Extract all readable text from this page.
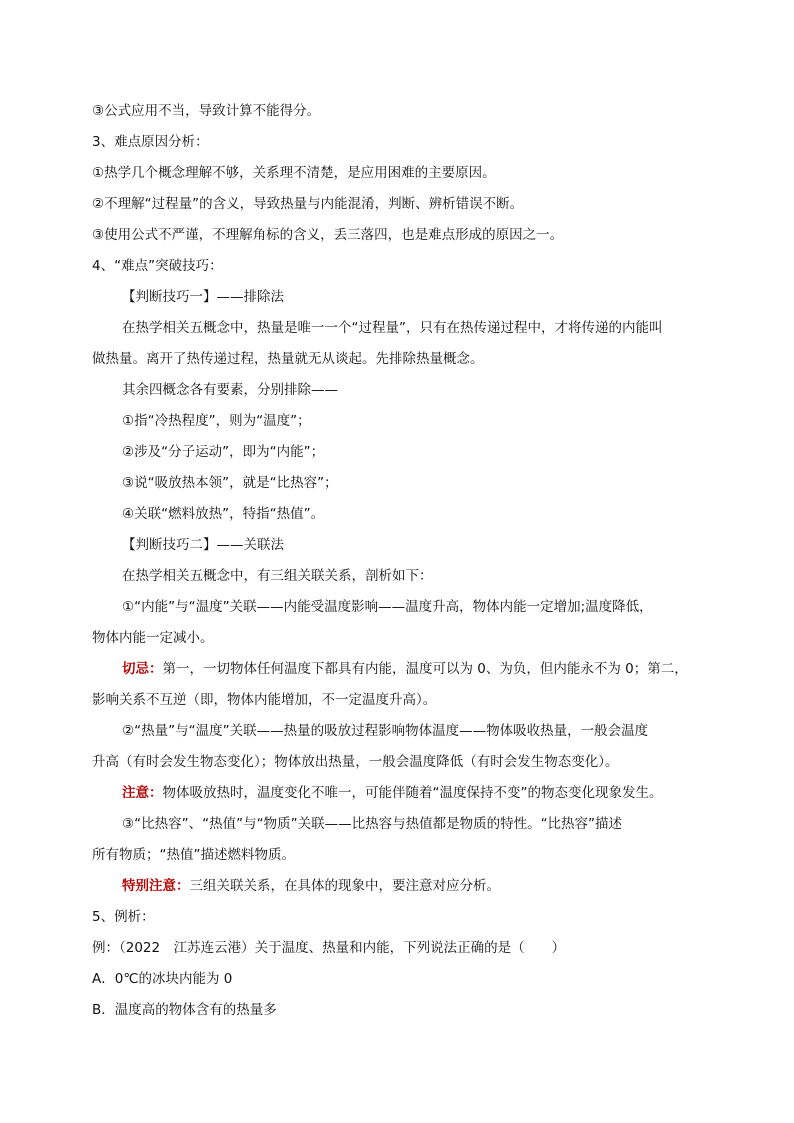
③公式应用不当，导致计算不能得分。
3、难点原因分析：
①热学几个概念理解不够，关系理不清楚，是应用困难的主要原因。
②不理解“过程量”的含义，导致热量与内能混淆，判断、辨析错误不断。
③使用公式不严谨，不理解角标的含义，丢三落四，也是难点形成的原因之一。
4、“难点”突破技巧：
【判断技巧一】——排除法
在热学相关五概念中，热量是唯一一个“过程量”，只有在热传递过程中，才将传递的内能叫
做热量。离开了热传递过程，热量就无从谈起。先排除热量概念。
其余四概念各有要素，分别排除——
①指“冷热程度”，则为“温度”；
②涉及“分子运动”，即为“内能”；
③说“吸放热本领”，就是“比热容”；
④关联“燃料放热”，特指“热值”。
【判断技巧二】——关联法
在热学相关五概念中，有三组关联关系，剖析如下：
①“内能”与“温度”关联——内能受温度影响——温度升高，物体内能一定增加;温度降低，
物体内能一定减小。
切忌：第一，一切物体任何温度下都具有内能，温度可以为 0、为负，但内能永不为 0；第二，
影响关系不互逆（即，物体内能增加，不一定温度升高）。
②“热量”与“温度”关联——热量的吸放过程影响物体温度——物体吸收热量，一般会温度
升高（有时会发生物态变化）；物体放出热量，一般会温度降低（有时会发生物态变化）。
注意：物体吸放热时，温度变化不唯一，可能伴随着“温度保持不变”的物态变化现象发生。
③“比热容”、“热值”与“物质”关联——比热容与热值都是物质的特性。“比热容”描述
所有物质；“热值”描述燃料物质。
特别注意：三组关联关系，在具体的现象中，要注意对应分析。
5、例析：
例：（2022　江苏连云港）关于温度、热量和内能，下列说法正确的是（　　）
A．0℃的冰块内能为 0
B．温度高的物体含有的热量多
